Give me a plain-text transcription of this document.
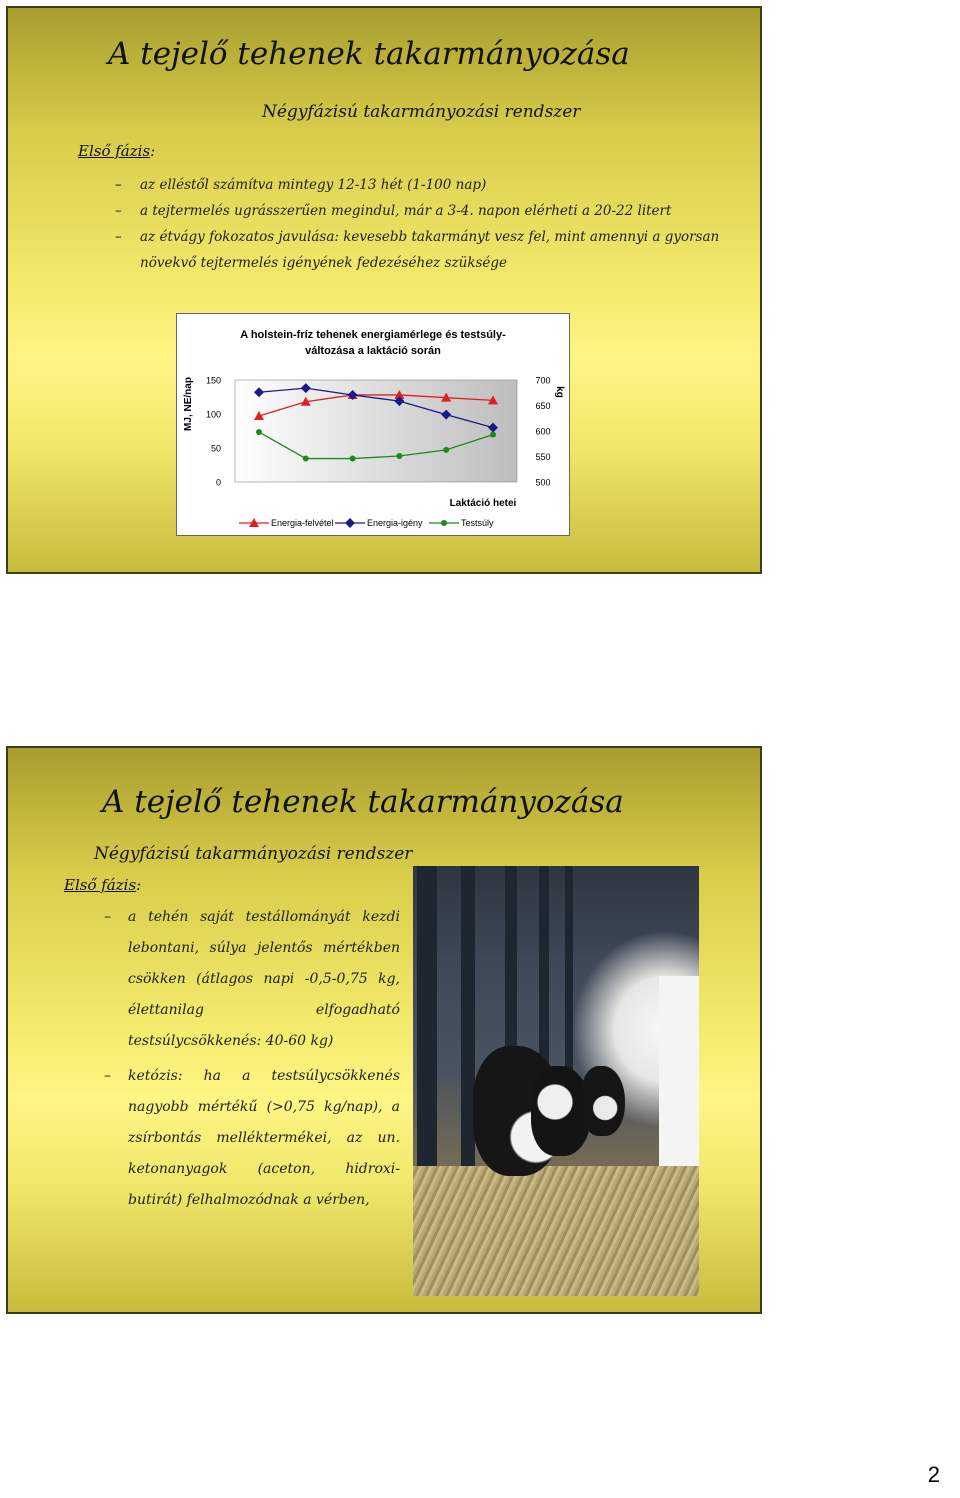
A tejelő tehenek takarmányozása
Négyfázisú takarmányozási rendszer
Első fázis:
– az elléstől számítva mintegy 12-13 hét (1-100 nap)
– a tejtermelés ugrásszerűen megindul, már a 3-4. napon elérheti a 20-22 litert
– az étvágy fokozatos javulása: kevesebb takarmányt vesz fel, mint amennyi a gyorsan növekvő tejtermelés igényének fedezéséhez szüksége
A holstein-fríz tehenek energiamérlege és testsúly-
változása a laktáció során
MJ, NE/nap	kg
150
100
50
0
700
650
600
550
500
Laktáció hetei
Energia-felvétel	Energia-igény	Testsúly
A tejelő tehenek takarmányozása
Négyfázisú takarmányozási rendszer
Első fázis:
– a tehén saját testállományát kezdi lebontani, súlya jelentős mértékben csökken (átlagos napi -0,5-0,75 kg, élettanilag elfogadható testsúlycsökkenés: 40-60 kg)
– ketózis: ha a testsúlycsökkenés nagyobb mértékű (>0,75 kg/nap), a zsírbontás melléktermékei, az un. ketonanyagok (aceton, hidroxi-butirát) felhalmozódnak a vérben,
2
